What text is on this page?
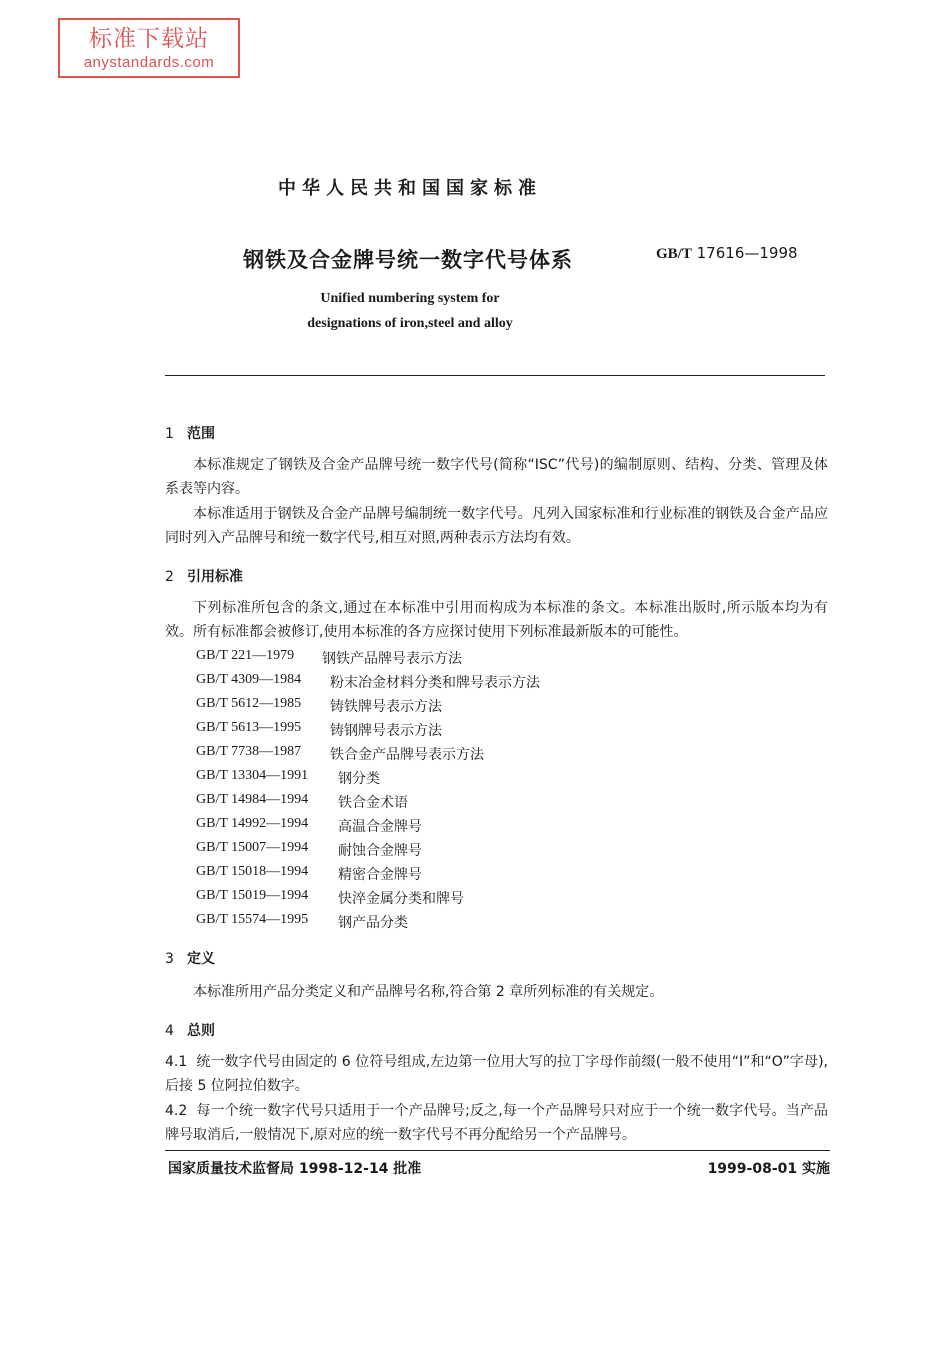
标准下载站
anystandards.com
中华人民共和国国家标准
钢铁及合金牌号统一数字代号体系	GB/T 17616—1998
Unified numbering system for
designations of iron,steel and alloy
1 范围
本标准规定了钢铁及合金产品牌号统一数字代号(简称“ISC”代号)的编制原则、结构、分类、管理及体系表等内容。
本标准适用于钢铁及合金产品牌号编制统一数字代号。凡列入国家标准和行业标准的钢铁及合金产品应同时列入产品牌号和统一数字代号,相互对照,两种表示方法均有效。
2 引用标准
下列标准所包含的条文,通过在本标准中引用而构成为本标准的条文。本标准出版时,所示版本均为有效。所有标准都会被修订,使用本标准的各方应探讨使用下列标准最新版本的可能性。
GB/T 221—1979 钢铁产品牌号表示方法
GB/T 4309—1984 粉末冶金材料分类和牌号表示方法
GB/T 5612—1985 铸铁牌号表示方法
GB/T 5613—1995 铸钢牌号表示方法
GB/T 7738—1987 铁合金产品牌号表示方法
GB/T 13304—1991 钢分类
GB/T 14984—1994 铁合金术语
GB/T 14992—1994 高温合金牌号
GB/T 15007—1994 耐蚀合金牌号
GB/T 15018—1994 精密合金牌号
GB/T 15019—1994 快淬金属分类和牌号
GB/T 15574—1995 钢产品分类
3 定义
本标准所用产品分类定义和产品牌号名称,符合第 2 章所列标准的有关规定。
4 总则
4.1 统一数字代号由固定的 6 位符号组成,左边第一位用大写的拉丁字母作前缀(一般不使用“I”和“O”字母),后接 5 位阿拉伯数字。
4.2 每一个统一数字代号只适用于一个产品牌号;反之,每一个产品牌号只对应于一个统一数字代号。当产品牌号取消后,一般情况下,原对应的统一数字代号不再分配给另一个产品牌号。
国家质量技术监督局 1998-12-14 批准	1999-08-01 实施
